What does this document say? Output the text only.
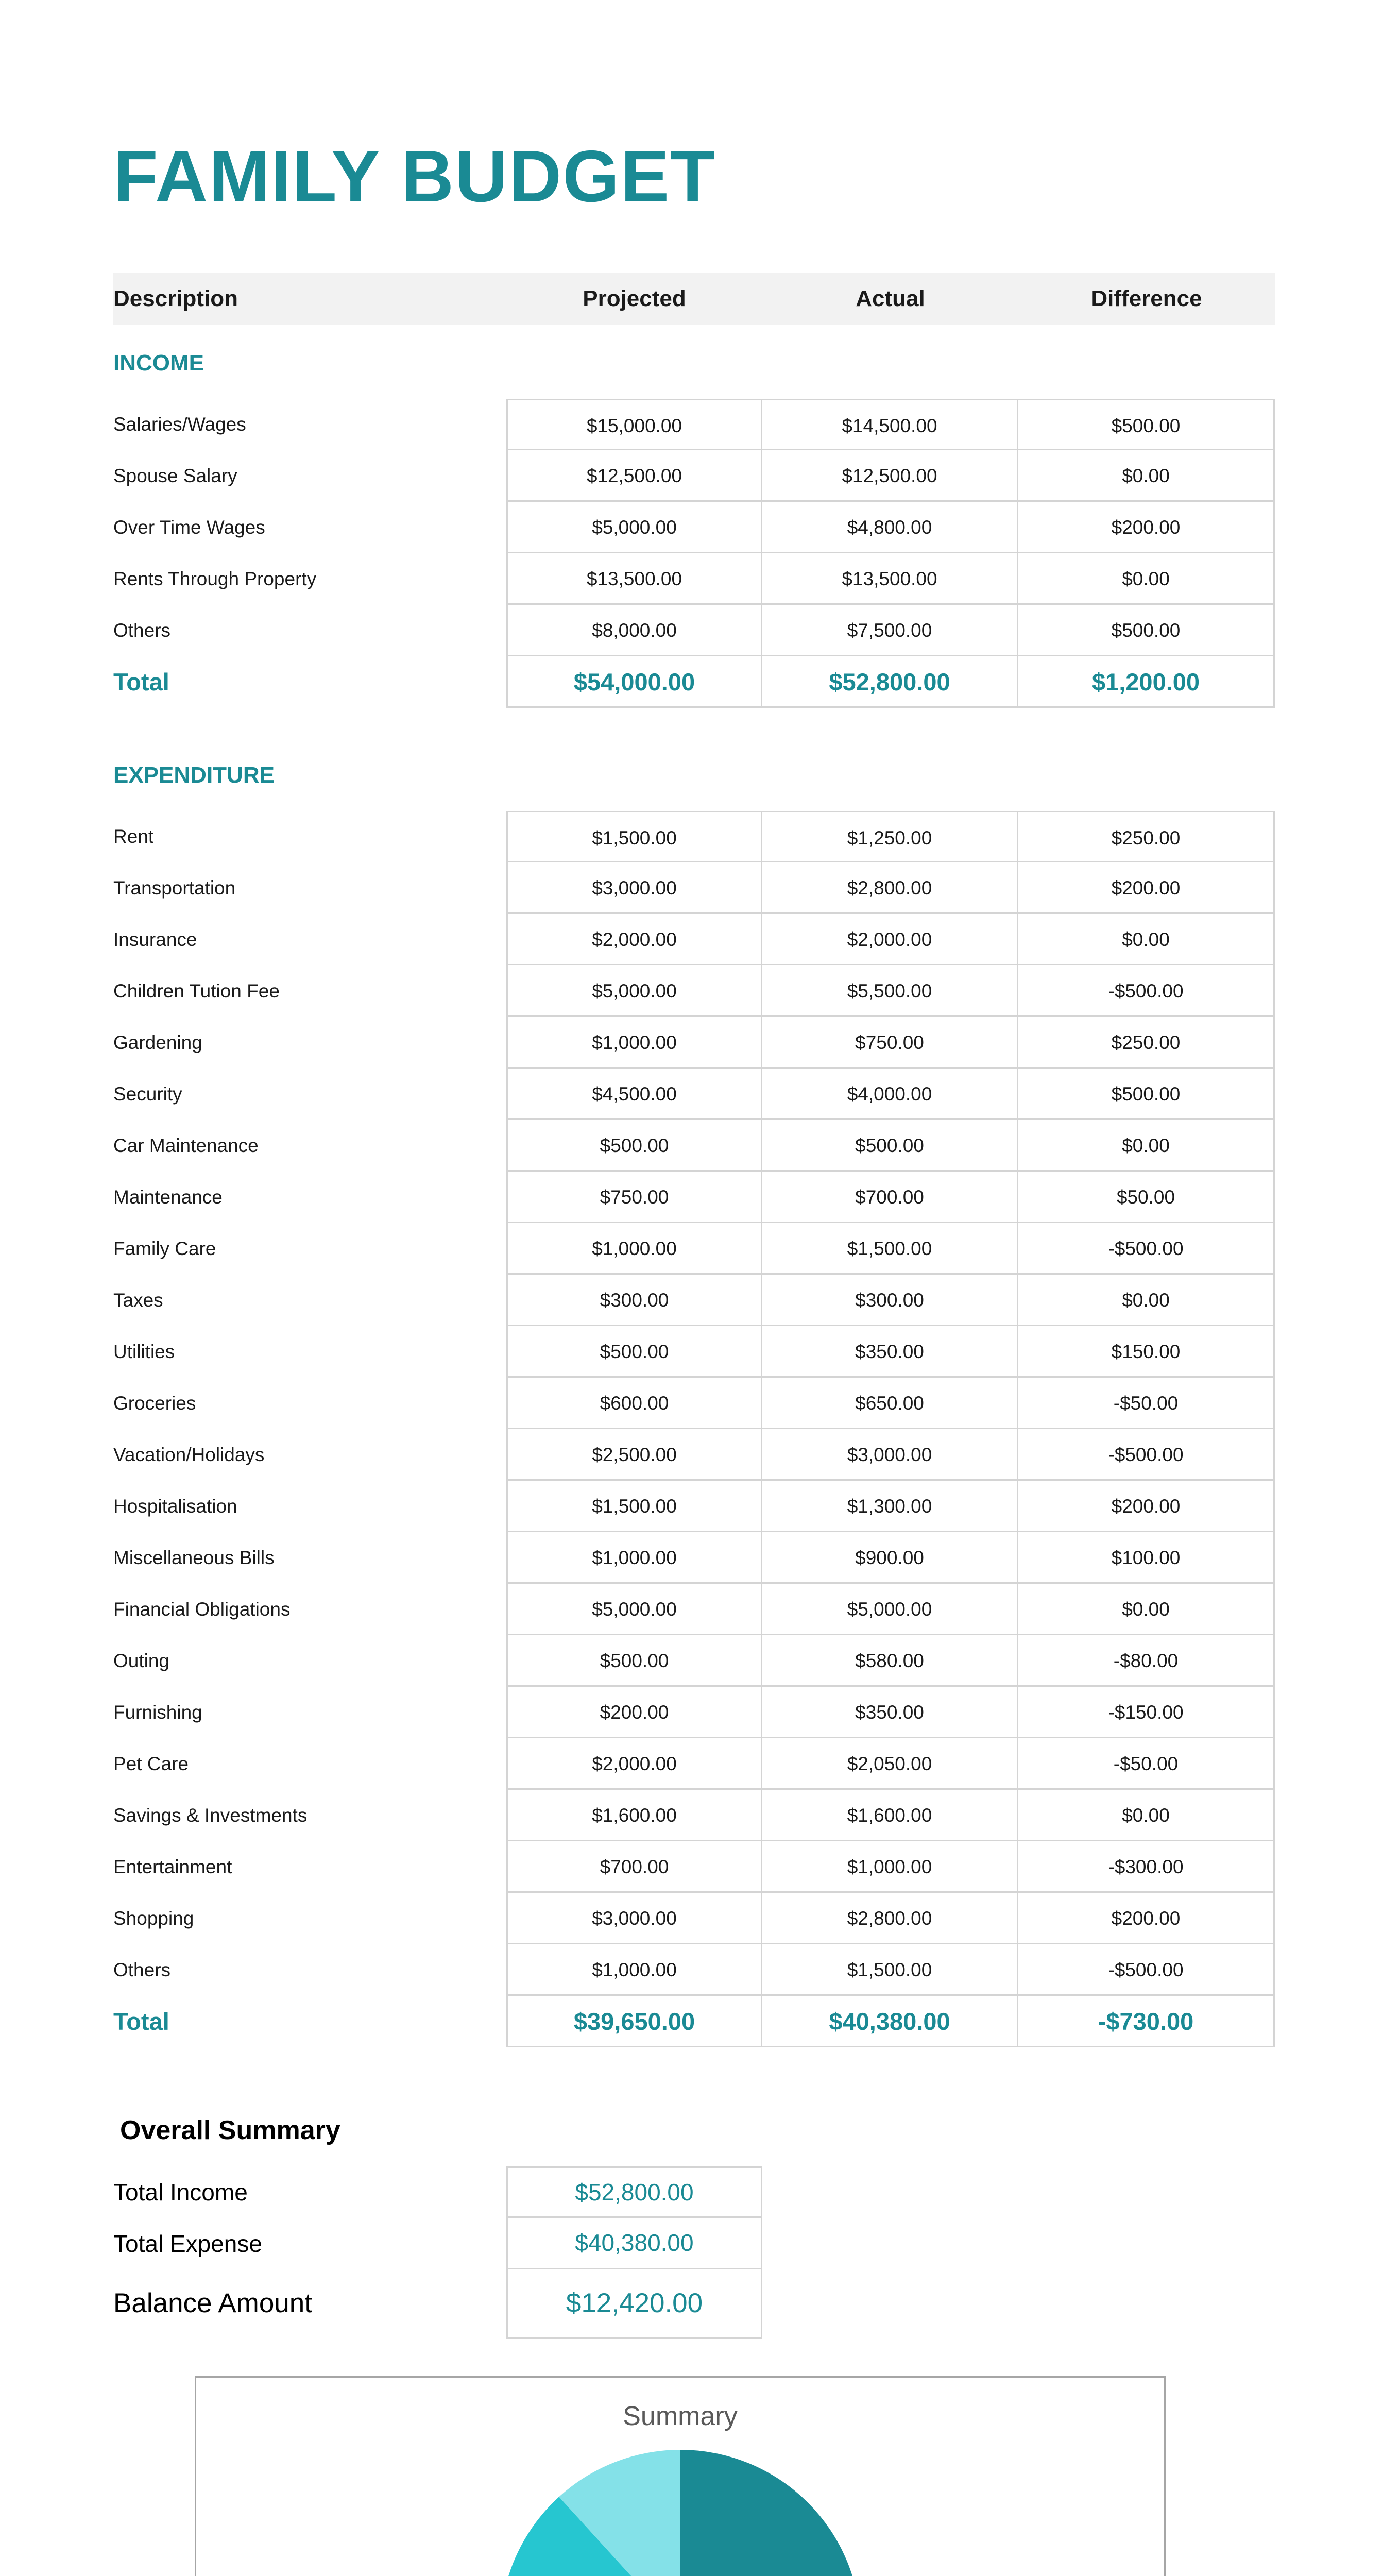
FAMILY BUDGET
Description	Projected	Actual	Difference
INCOME
Salaries/Wages	$15,000.00	$14,500.00	$500.00
Spouse Salary	$12,500.00	$12,500.00	$0.00
Over Time Wages	$5,000.00	$4,800.00	$200.00
Rents Through Property	$13,500.00	$13,500.00	$0.00
Others	$8,000.00	$7,500.00	$500.00
Total	$54,000.00	$52,800.00	$1,200.00
EXPENDITURE
Rent	$1,500.00	$1,250.00	$250.00
Transportation	$3,000.00	$2,800.00	$200.00
Insurance	$2,000.00	$2,000.00	$0.00
Children Tution Fee	$5,000.00	$5,500.00	-$500.00
Gardening	$1,000.00	$750.00	$250.00
Security	$4,500.00	$4,000.00	$500.00
Car Maintenance	$500.00	$500.00	$0.00
Maintenance	$750.00	$700.00	$50.00
Family Care	$1,000.00	$1,500.00	-$500.00
Taxes	$300.00	$300.00	$0.00
Utilities	$500.00	$350.00	$150.00
Groceries	$600.00	$650.00	-$50.00
Vacation/Holidays	$2,500.00	$3,000.00	-$500.00
Hospitalisation	$1,500.00	$1,300.00	$200.00
Miscellaneous Bills	$1,000.00	$900.00	$100.00
Financial Obligations	$5,000.00	$5,000.00	$0.00
Outing	$500.00	$580.00	-$80.00
Furnishing	$200.00	$350.00	-$150.00
Pet Care	$2,000.00	$2,050.00	-$50.00
Savings & Investments	$1,600.00	$1,600.00	$0.00
Entertainment	$700.00	$1,000.00	-$300.00
Shopping	$3,000.00	$2,800.00	$200.00
Others	$1,000.00	$1,500.00	-$500.00
Total	$39,650.00	$40,380.00	-$730.00
Overall Summary
Total Income	$52,800.00
Total Expense	$40,380.00
Balance Amount	$12,420.00
Summary
